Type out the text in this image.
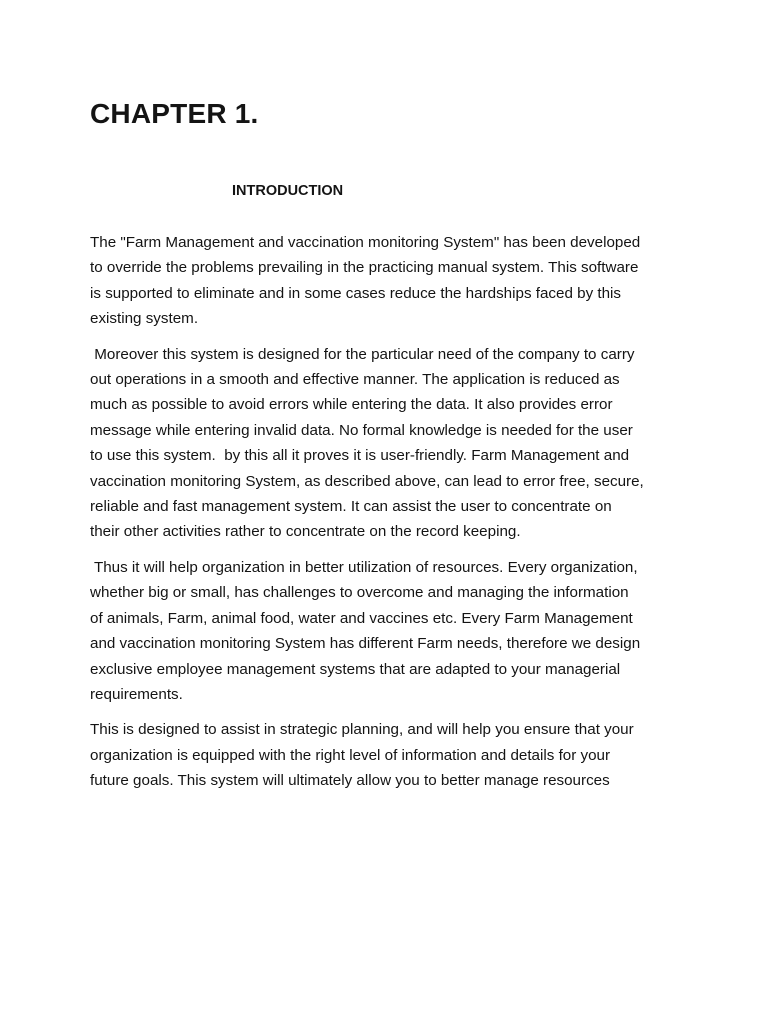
CHAPTER 1.
INTRODUCTION

The "Farm Management and vaccination monitoring System" has been developed
to override the problems prevailing in the practicing manual system. This software
is supported to eliminate and in some cases reduce the hardships faced by this
existing system.

Moreover this system is designed for the particular need of the company to carry
out operations in a smooth and effective manner. The application is reduced as
much as possible to avoid errors while entering the data. It also provides error
message while entering invalid data. No formal knowledge is needed for the user
to use this system.  by this all it proves it is user-friendly. Farm Management and
vaccination monitoring System, as described above, can lead to error free, secure,
reliable and fast management system. It can assist the user to concentrate on
their other activities rather to concentrate on the record keeping.

Thus it will help organization in better utilization of resources. Every organization,
whether big or small, has challenges to overcome and managing the information
of animals, Farm, animal food, water and vaccines etc. Every Farm Management
and vaccination monitoring System has different Farm needs, therefore we design
exclusive employee management systems that are adapted to your managerial
requirements.

This is designed to assist in strategic planning, and will help you ensure that your
organization is equipped with the right level of information and details for your
future goals. This system will ultimately allow you to better manage resources
